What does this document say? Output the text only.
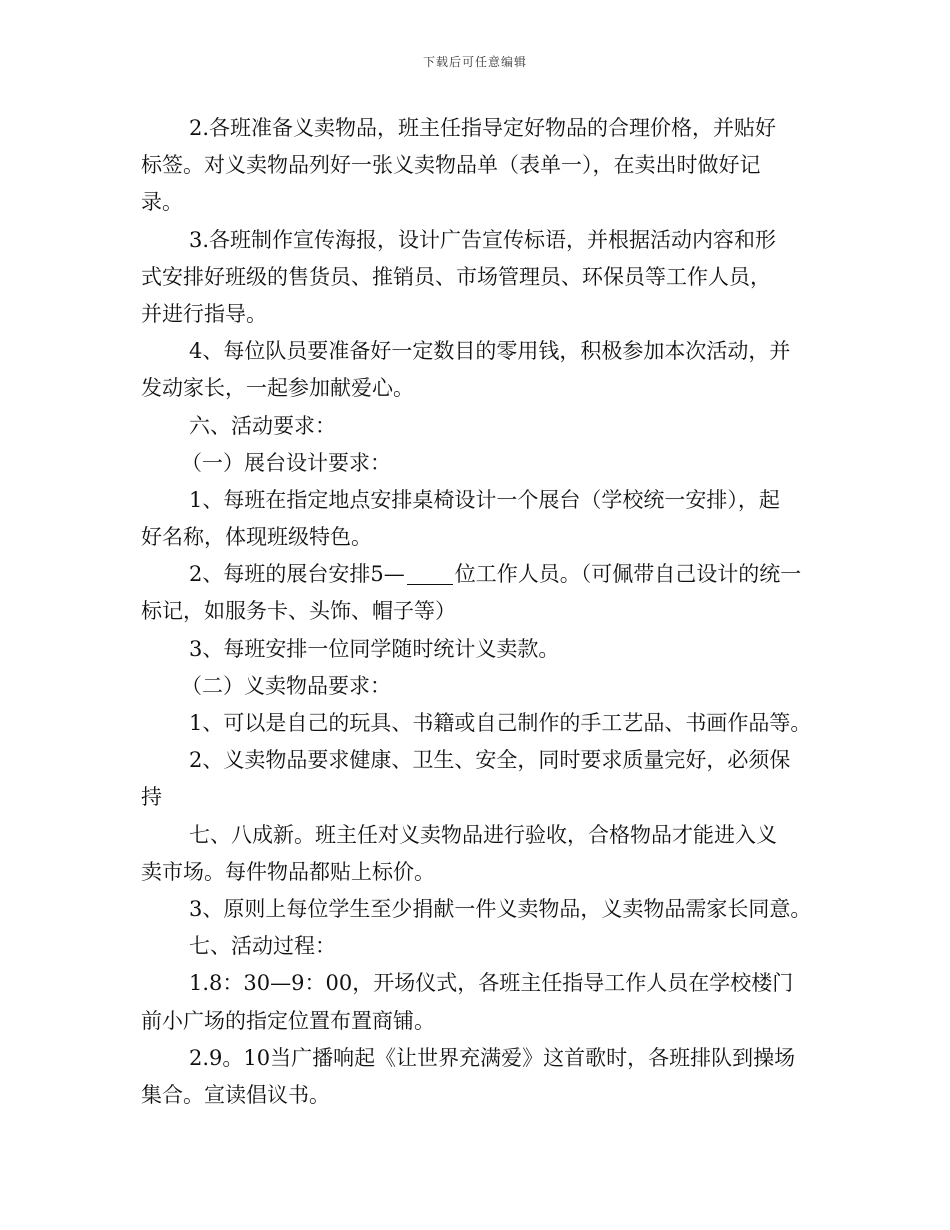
下载后可任意编辑
2.各班准备义卖物品，班主任指导定好物品的合理价格，并贴好
标签。对义卖物品列好一张义卖物品单（表单一），在卖出时做好记
录。
3.各班制作宣传海报，设计广告宣传标语，并根据活动内容和形
式安排好班级的售货员、推销员、市场管理员、环保员等工作人员，
并进行指导。
4、每位队员要准备好一定数目的零用钱，积极参加本次活动，并
发动家长，一起参加献爱心。
六、活动要求：
（一）展台设计要求：
1、每班在指定地点安排桌椅设计一个展台（学校统一安排），起
好名称，体现班级特色。
2、每班的展台安排5— 位工作人员。（可佩带自己设计的统一
标记，如服务卡、头饰、帽子等）
3、每班安排一位同学随时统计义卖款。
（二）义卖物品要求：
1、可以是自己的玩具、书籍或自己制作的手工艺品、书画作品等。
2、义卖物品要求健康、卫生、安全，同时要求质量完好，必须保
持
七、八成新。班主任对义卖物品进行验收，合格物品才能进入义
卖市场。每件物品都贴上标价。
3、原则上每位学生至少捐献一件义卖物品，义卖物品需家长同意。
七、活动过程：
1.8：30—9：00，开场仪式，各班主任指导工作人员在学校楼门
前小广场的指定位置布置商铺。
2.9。10当广播响起《让世界充满爱》这首歌时，各班排队到操场
集合。宣读倡议书。
